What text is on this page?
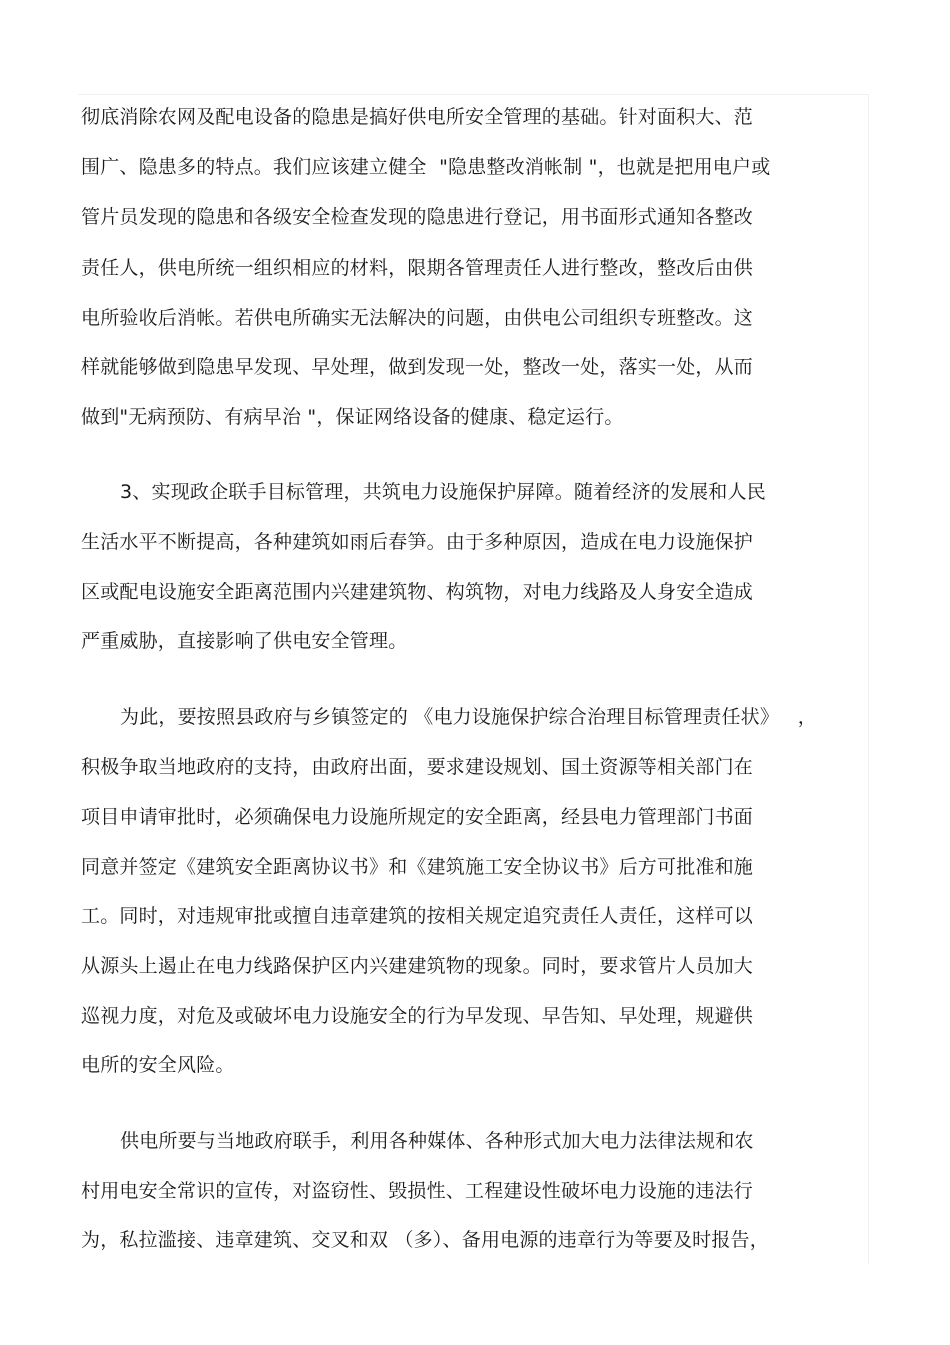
彻底消除农网及配电设备的隐患是搞好供电所安全管理的基础。针对面积大、范
围广、隐患多的特点。我们应该建立健全  "隐患整改消帐制 "，也就是把用电户或
管片员发现的隐患和各级安全检查发现的隐患进行登记，用书面形式通知各整改
责任人，供电所统一组织相应的材料，限期各管理责任人进行整改，整改后由供
电所验收后消帐。若供电所确实无法解决的问题，由供电公司组织专班整改。这
样就能够做到隐患早发现、早处理，做到发现一处，整改一处，落实一处，从而
做到"无病预防、有病早治 "，保证网络设备的健康、稳定运行。
3、实现政企联手目标管理，共筑电力设施保护屏障。随着经济的发展和人民
生活水平不断提高，各种建筑如雨后春笋。由于多种原因，造成在电力设施保护
区或配电设施安全距离范围内兴建建筑物、构筑物，对电力线路及人身安全造成
严重威胁，直接影响了供电安全管理。
为此，要按照县政府与乡镇签定的 《电力设施保护综合治理目标管理责任状》   ，
积极争取当地政府的支持，由政府出面，要求建设规划、国土资源等相关部门在
项目申请审批时，必须确保电力设施所规定的安全距离，经县电力管理部门书面
同意并签定《建筑安全距离协议书》和《建筑施工安全协议书》后方可批准和施
工。同时，对违规审批或擅自违章建筑的按相关规定追究责任人责任，这样可以
从源头上遏止在电力线路保护区内兴建建筑物的现象。同时，要求管片人员加大
巡视力度，对危及或破坏电力设施安全的行为早发现、早告知、早处理，规避供
电所的安全风险。
供电所要与当地政府联手，利用各种媒体、各种形式加大电力法律法规和农
村用电安全常识的宣传，对盗窃性、毁损性、工程建设性破坏电力设施的违法行
为，私拉滥接、违章建筑、交叉和双 （多）、备用电源的违章行为等要及时报告，
